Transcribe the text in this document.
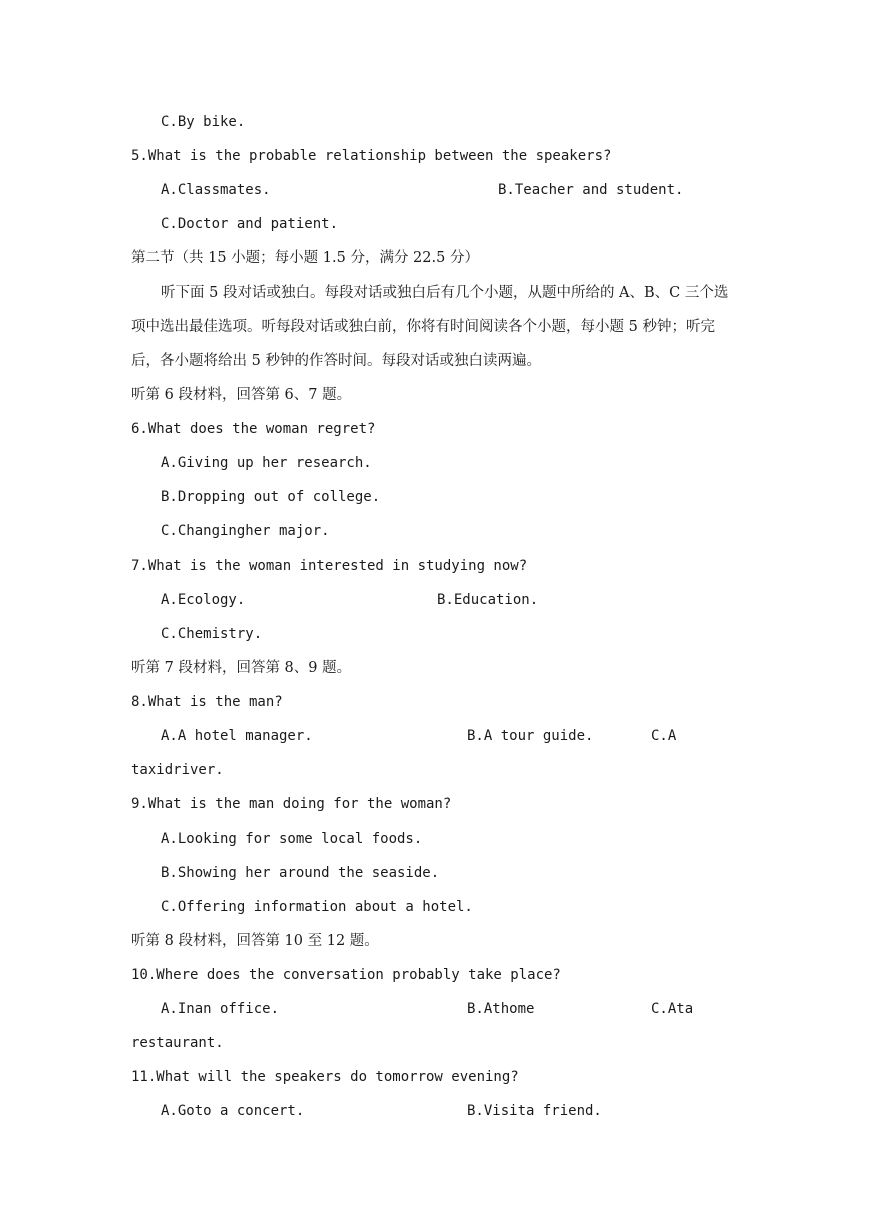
C.By bike.
5.What is the probable relationship between the speakers?
A.Classmates.	B.Teacher and student.
C.Doctor and patient.
第二节（共 15 小题；每小题 1.5 分，满分 22.5 分）
听下面 5 段对话或独白。每段对话或独白后有几个小题，从题中所给的 A、B、C 三个选
项中选出最佳选项。听每段对话或独白前，你将有时间阅读各个小题，每小题 5 秒钟；听完
后，各小题将给出 5 秒钟的作答时间。每段对话或独白读两遍。
听第 6 段材料，回答第 6、7 题。
6.What does the woman regret?
A.Giving up her research.
B.Dropping out of college.
C.Changingher major.
7.What is the woman interested in studying now?
A.Ecology.	B.Education.
C.Chemistry.
听第 7 段材料，回答第 8、9 题。
8.What is the man?
A.A hotel manager.	B.A tour guide.	C.A
taxidriver.
9.What is the man doing for the woman?
A.Looking for some local foods.
B.Showing her around the seaside.
C.Offering information about a hotel.
听第 8 段材料，回答第 10 至 12 题。
10.Where does the conversation probably take place?
A.Inan office.	B.Athome	C.Ata
restaurant.
11.What will the speakers do tomorrow evening?
A.Goto a concert.	B.Visita friend.
